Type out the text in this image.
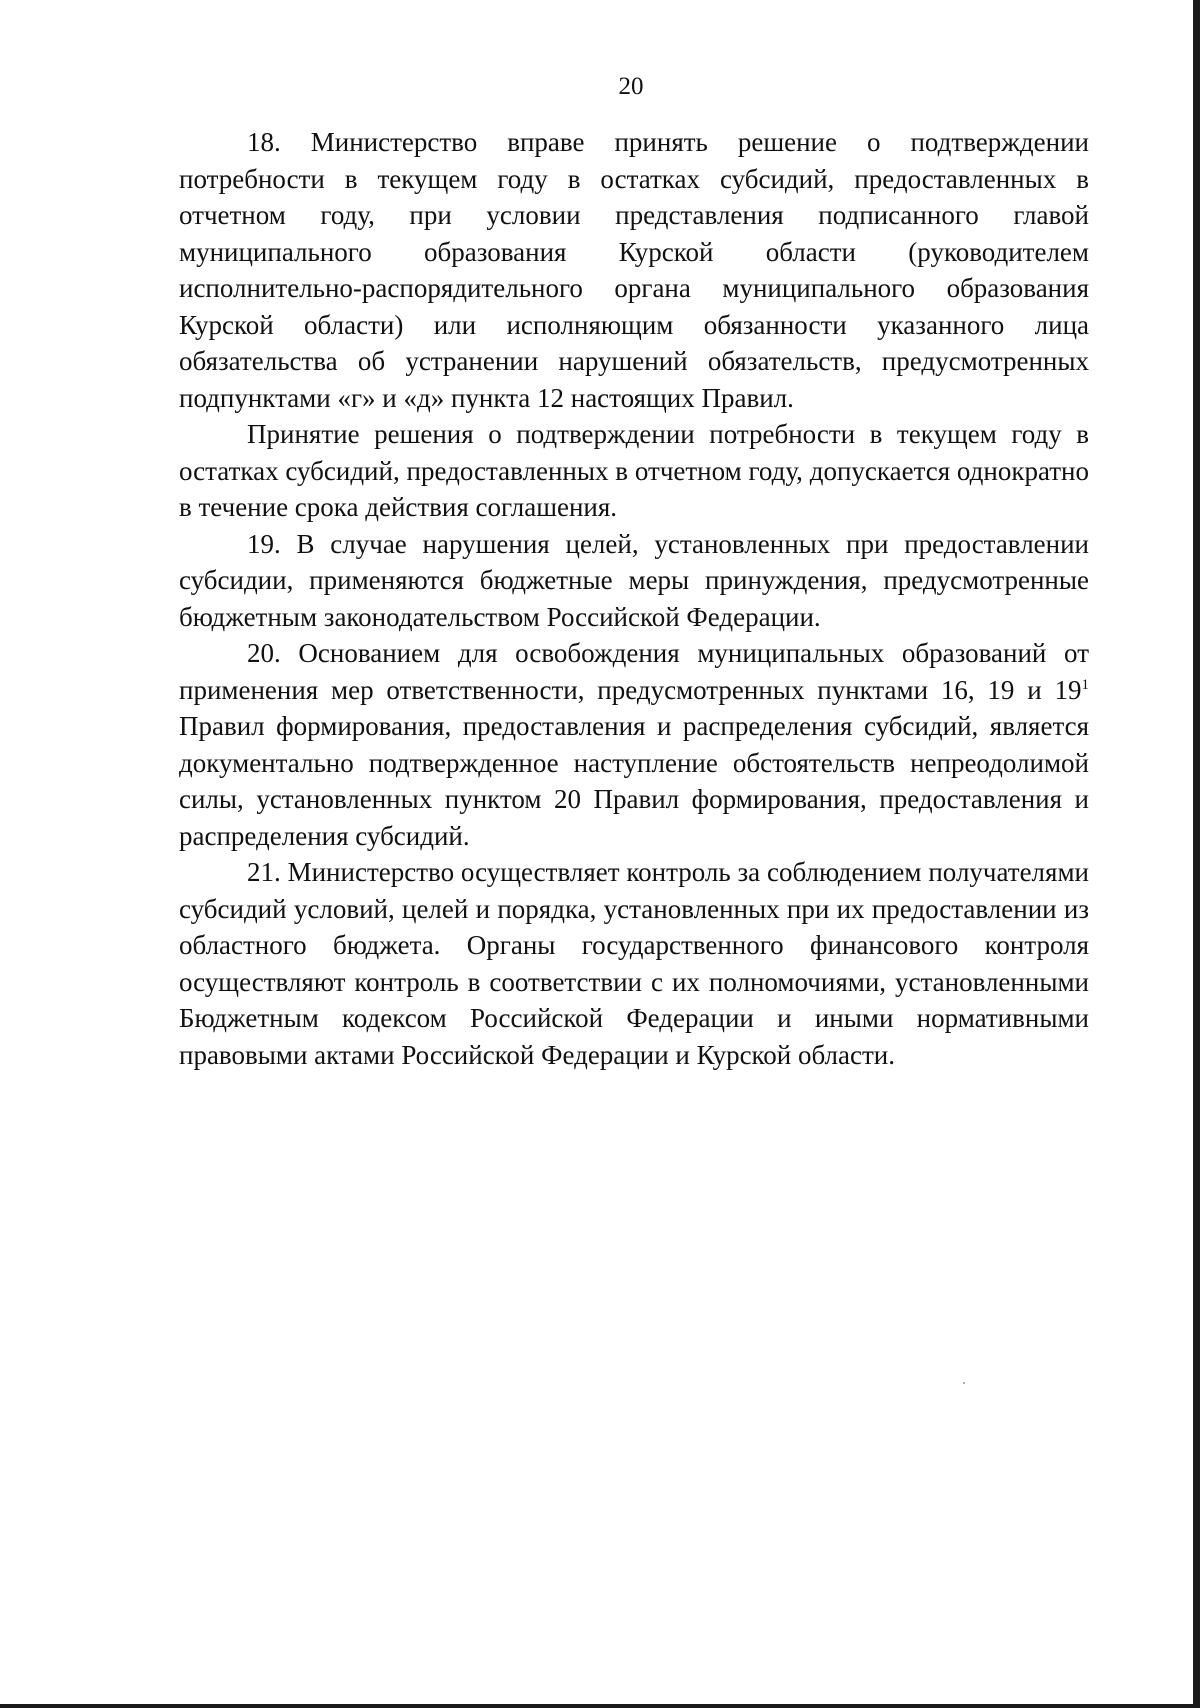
20

18. Министерство вправе принять решение о подтверждении потребности в текущем году в остатках субсидий, предоставленных в отчетном году, при условии представления подписанного главой муниципального образования Курской области (руководителем исполнительно-распорядительного органа муниципального образования Курской области) или исполняющим обязанности указанного лица обязательства об устранении нарушений обязательств, предусмотренных подпунктами «г» и «д» пункта 12 настоящих Правил.

Принятие решения о подтверждении потребности в текущем году в остатках субсидий, предоставленных в отчетном году, допускается однократно в течение срока действия соглашения.

19. В случае нарушения целей, установленных при предоставлении субсидии, применяются бюджетные меры принуждения, предусмотренные бюджетным законодательством Российской Федерации.

20. Основанием для освобождения муниципальных образований от применения мер ответственности, предусмотренных пунктами 16, 19 и $19^1$ Правил формирования, предоставления и распределения субсидий, является документально подтвержденное наступление обстоятельств непреодолимой силы, установленных пунктом 20 Правил формирования, предоставления и распределения субсидий.

21. Министерство осуществляет контроль за соблюдением получателями субсидий условий, целей и порядка, установленных при их предоставлении из областного бюджета. Органы государственного финансового контроля осуществляют контроль в соответствии с их полномочиями, установленными Бюджетным кодексом Российской Федерации и иными нормативными правовыми актами Российской Федерации и Курской области.
